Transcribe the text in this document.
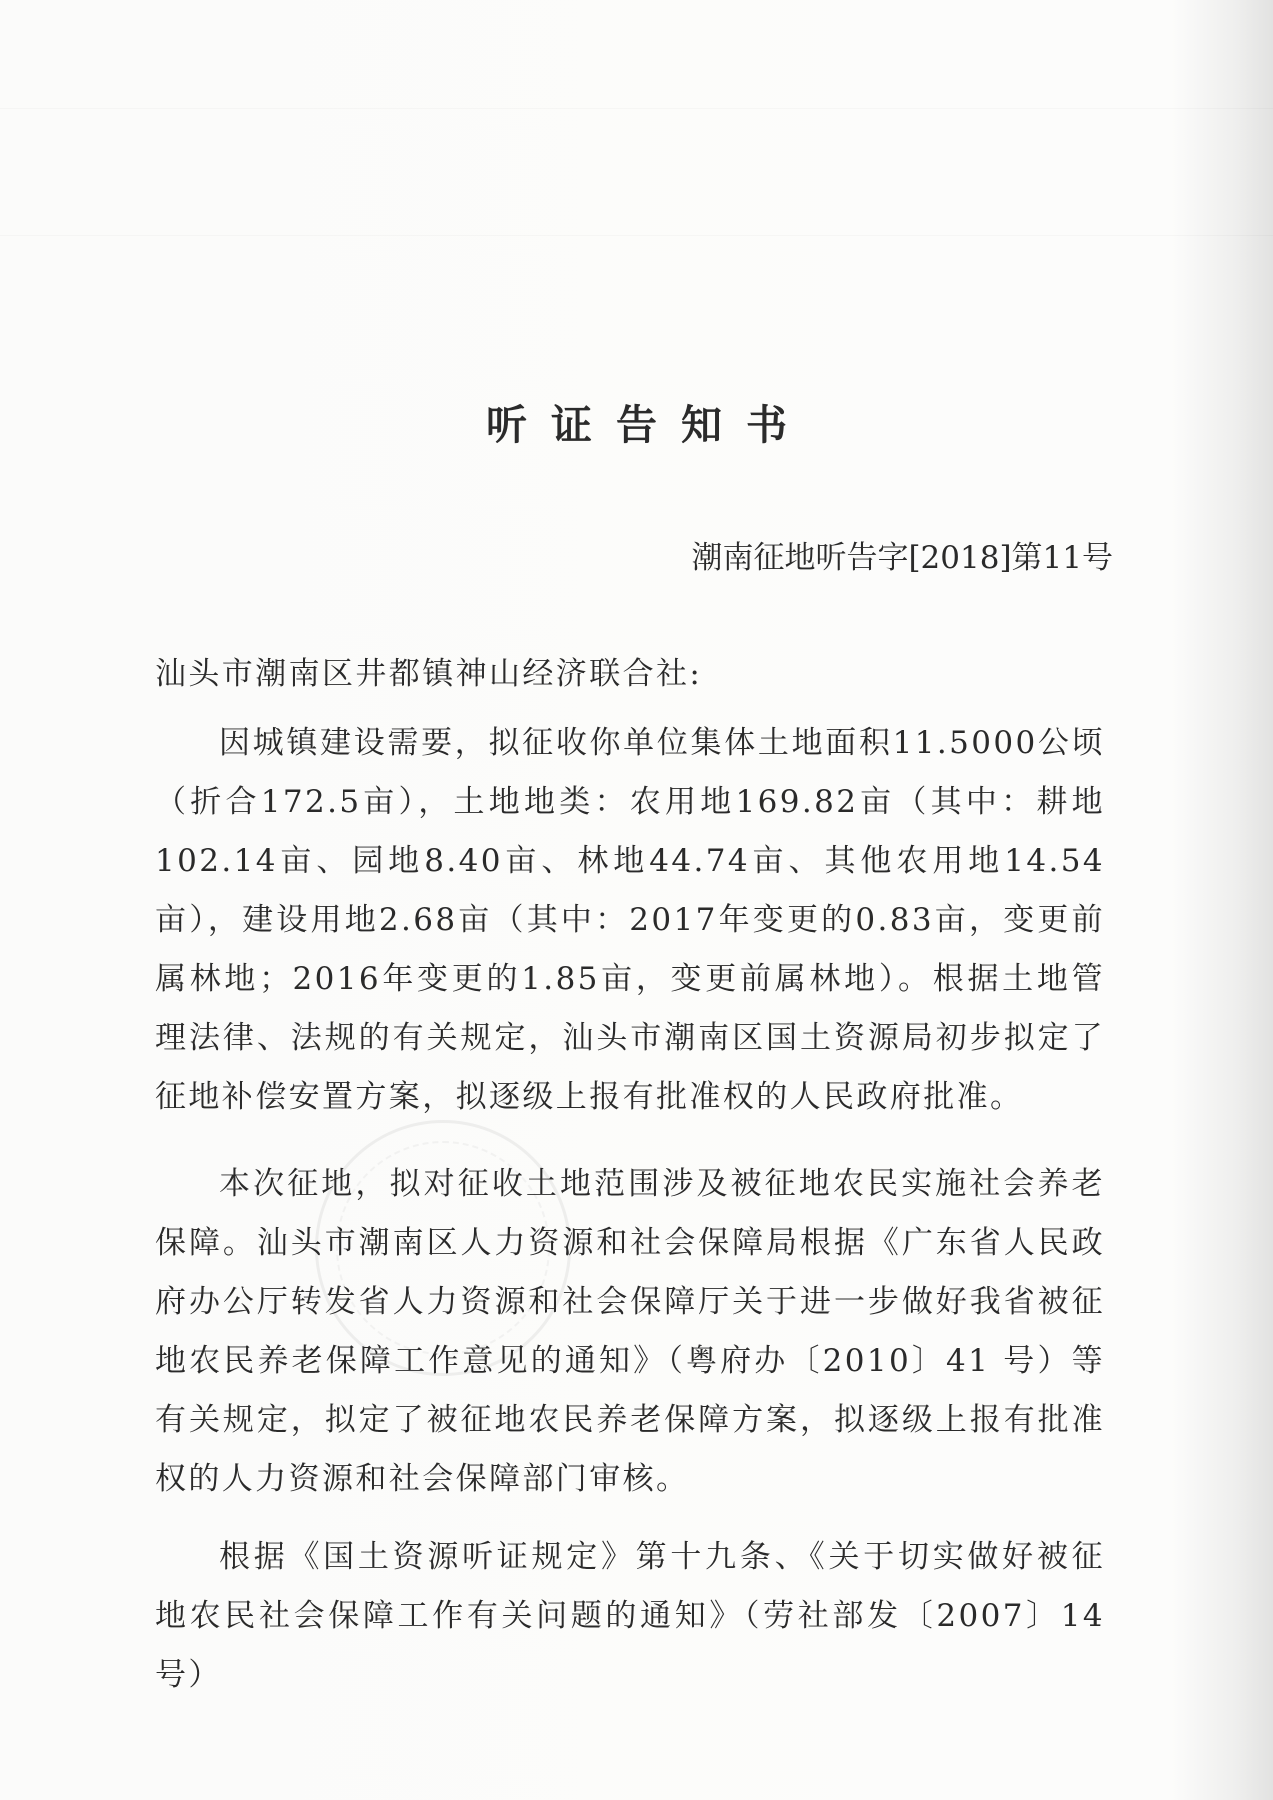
听证告知书
潮南征地听告字[2018]第11号
汕头市潮南区井都镇神山经济联合社:

因城镇建设需要，拟征收你单位集体土地面积11.5000公顷（折合172.5亩），土地地类：农用地169.82亩（其中：耕地102.14亩、园地8.40亩、林地44.74亩、其他农用地14.54亩），建设用地2.68亩（其中：2017年变更的0.83亩，变更前属林地；2016年变更的1.85亩，变更前属林地）。根据土地管理法律、法规的有关规定，汕头市潮南区国土资源局初步拟定了征地补偿安置方案，拟逐级上报有批准权的人民政府批准。

本次征地，拟对征收土地范围涉及被征地农民实施社会养老保障。汕头市潮南区人力资源和社会保障局根据《广东省人民政府办公厅转发省人力资源和社会保障厅关于进一步做好我省被征地农民养老保障工作意见的通知》（粤府办〔2010〕41 号）等有关规定，拟定了被征地农民养老保障方案，拟逐级上报有批准权的人力资源和社会保障部门审核。

根据《国土资源听证规定》第十九条、《关于切实做好被征地农民社会保障工作有关问题的通知》（劳社部发〔2007〕14号）
